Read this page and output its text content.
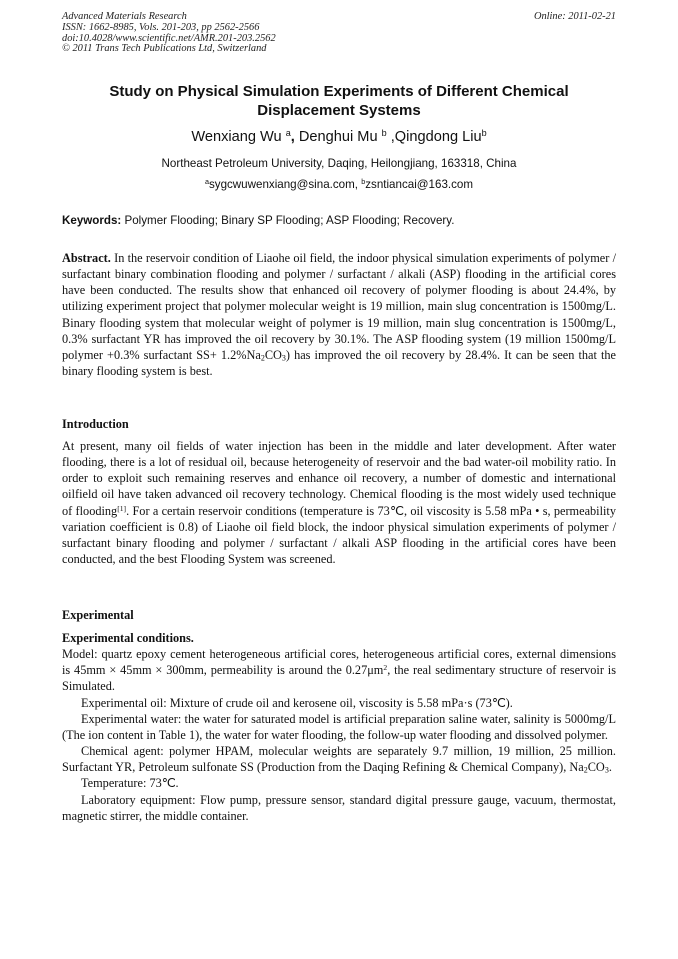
Advanced Materials Research
ISSN: 1662-8985, Vols. 201-203, pp 2562-2566
doi:10.4028/www.scientific.net/AMR.201-203.2562
© 2011 Trans Tech Publications Ltd, Switzerland
Online: 2011-02-21
Study on Physical Simulation Experiments of Different Chemical
Displacement Systems
Wenxiang Wu $^a$, Denghui Mu $^b$ ,Qingdong Liu$^b$
Northeast Petroleum University, Daqing, Heilongjiang, 163318, China
$^a$sygcwuwenxiang@sina.com, $^b$zsntiancai@163.com
Keywords: Polymer Flooding; Binary SP Flooding; ASP Flooding; Recovery.

Abstract. In the reservoir condition of Liaohe oil field, the indoor physical simulation experiments of polymer / surfactant binary combination flooding and polymer / surfactant / alkali (ASP) flooding in the artificial cores have been conducted. The results show that enhanced oil recovery of polymer flooding is about 24.4%, by utilizing experiment project that polymer molecular weight is 19 million, main slug concentration is 1500mg/L. Binary flooding system that molecular weight of polymer is 19 million, main slug concentration is 1500mg/L, 0.3% surfactant YR has improved the oil recovery by 30.1%. The ASP flooding system (19 million 1500mg/L polymer +0.3% surfactant $SS+ 1.2\%Na_2CO_3$) has improved the oil recovery by 28.4%. It can be seen that the binary flooding system is best.

Introduction

At present, many oil fields of water injection has been in the middle and later development. After water flooding, there is a lot of residual oil, because heterogeneity of reservoir and the bad water-oil mobility ratio. In order to exploit such remaining reserves and enhance oil recovery, a number of domestic and international oilfield oil have taken advanced oil recovery technology. Chemical flooding is the most widely used technique of flooding[1]. For a certain reservoir conditions (temperature is 73℃, oil viscosity is 5.58 mPa • s, permeability variation coefficient is 0.8) of Liaohe oil field block, the indoor physical simulation experiments of polymer / surfactant binary flooding and polymer / surfactant / alkali ASP flooding in the artificial cores have been conducted, and the best Flooding System was screened.

Experimental

Experimental conditions.

Model: quartz epoxy cement heterogeneous artificial cores, heterogeneous artificial cores, external dimensions is 45mm × 45mm × 300mm, permeability is around the $0.27\mu m^2$, the real sedimentary structure of reservoir is Simulated.

Experimental oil: Mixture of crude oil and kerosene oil, viscosity is 5.58 mPa·s (73℃).

Experimental water: the water for saturated model is artificial preparation saline water, salinity is 5000mg/L (The ion content in Table 1), the water for water flooding, the follow-up water flooding and dissolved polymer.

Chemical agent: polymer HPAM, molecular weights are separately 9.7 million, 19 million, 25 million. Surfactant YR, Petroleum sulfonate SS (Production from the Daqing Refining & Chemical Company), $Na_2CO_3$.

Temperature: 73℃.

Laboratory equipment: Flow pump, pressure sensor, standard digital pressure gauge, vacuum, thermostat, magnetic stirrer, the middle container.
